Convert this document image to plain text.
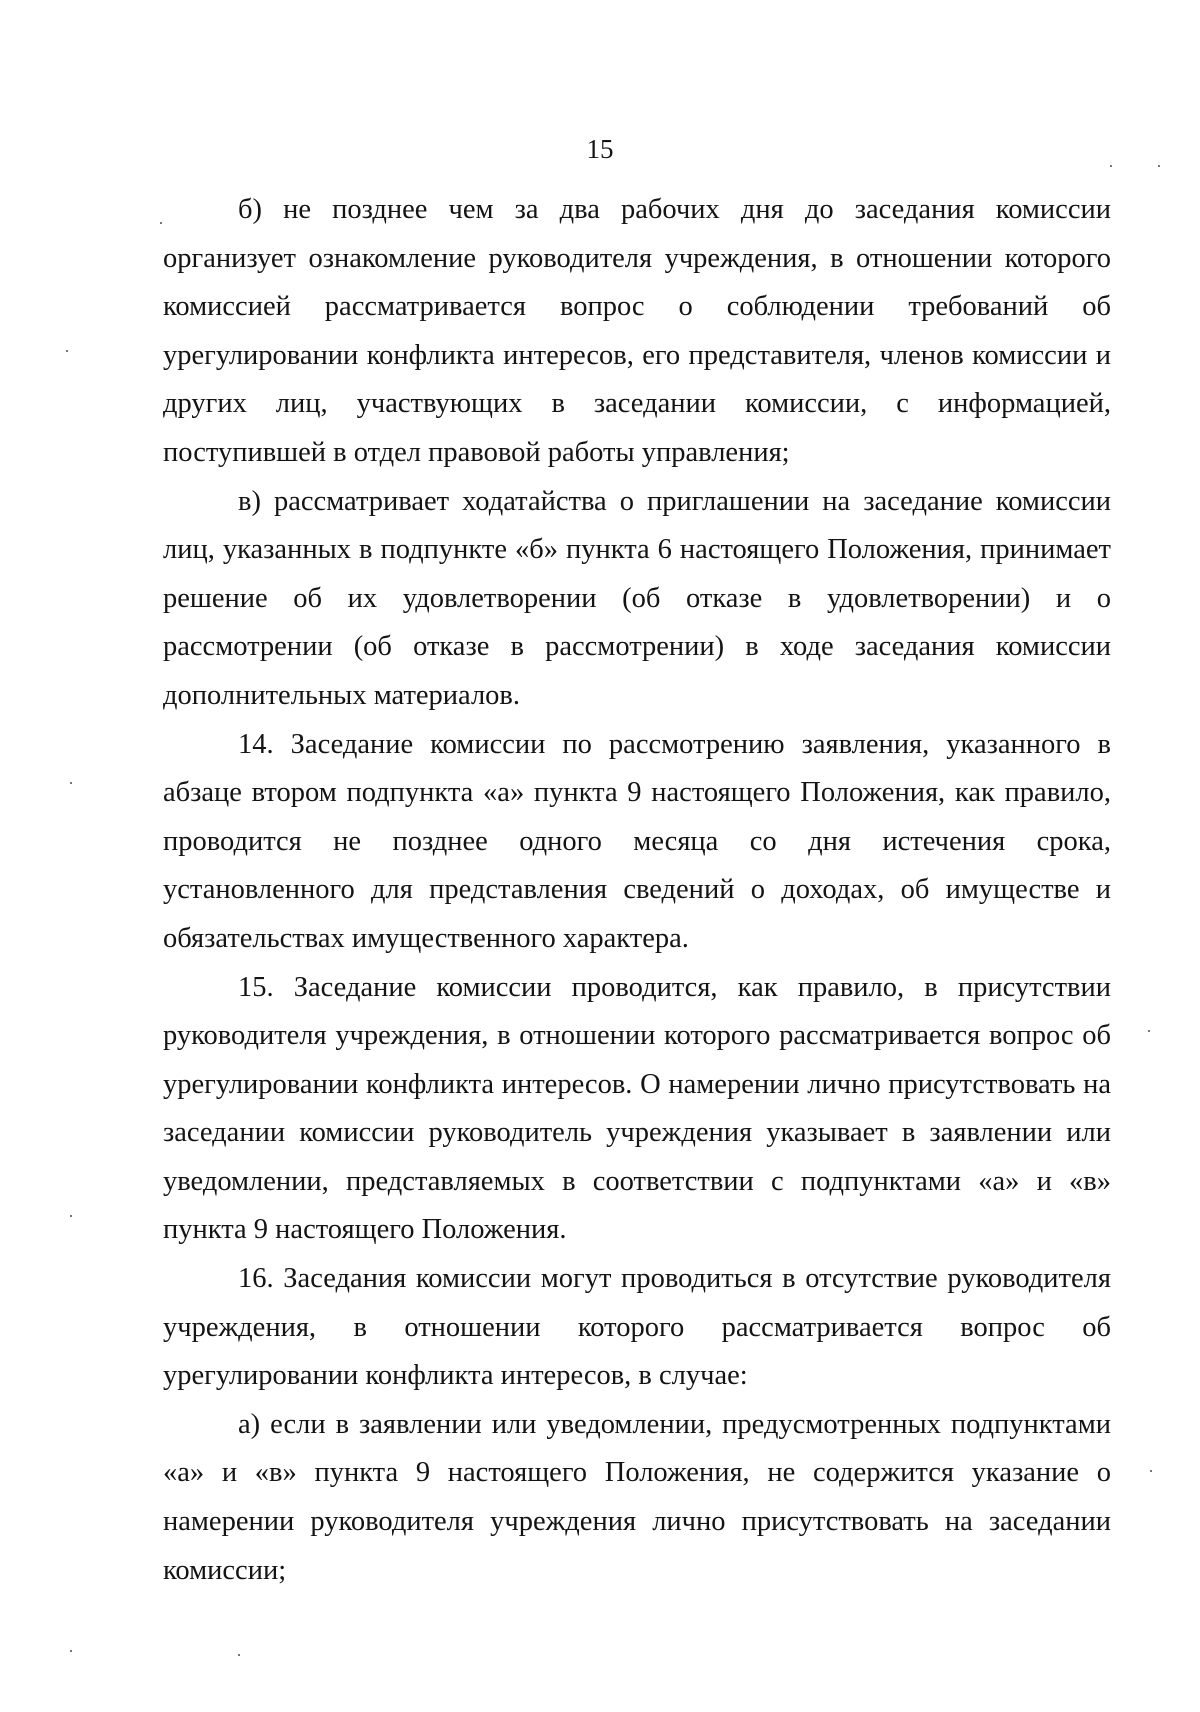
15

б) не позднее чем за два рабочих дня до заседания комиссии организует ознакомление руководителя учреждения, в отношении которого комиссией рассматривается вопрос о соблюдении требований об урегулировании конфликта интересов, его представителя, членов комиссии и других лиц, участвующих в заседании комиссии, с информацией, поступившей в отдел правовой работы управления;

в) рассматривает ходатайства о приглашении на заседание комиссии лиц, указанных в подпункте «б» пункта 6 настоящего Положения, принимает решение об их удовлетворении (об отказе в удовлетворении) и о рассмотрении (об отказе в рассмотрении) в ходе заседания комиссии дополнительных материалов.

14. Заседание комиссии по рассмотрению заявления, указанного в абзаце втором подпункта «а» пункта 9 настоящего Положения, как правило, проводится не позднее одного месяца со дня истечения срока, установленного для представления сведений о доходах, об имуществе и обязательствах имущественного характера.

15. Заседание комиссии проводится, как правило, в присутствии руководителя учреждения, в отношении которого рассматривается вопрос об урегулировании конфликта интересов. О намерении лично присутствовать на заседании комиссии руководитель учреждения указывает в заявлении или уведомлении, представляемых в соответствии с подпунктами «а» и «в» пункта 9 настоящего Положения.

16. Заседания комиссии могут проводиться в отсутствие руководителя учреждения, в отношении которого рассматривается вопрос об урегулировании конфликта интересов, в случае:

а) если в заявлении или уведомлении, предусмотренных подпунктами «а» и «в» пункта 9 настоящего Положения, не содержится указание о намерении руководителя учреждения лично присутствовать на заседании комиссии;
